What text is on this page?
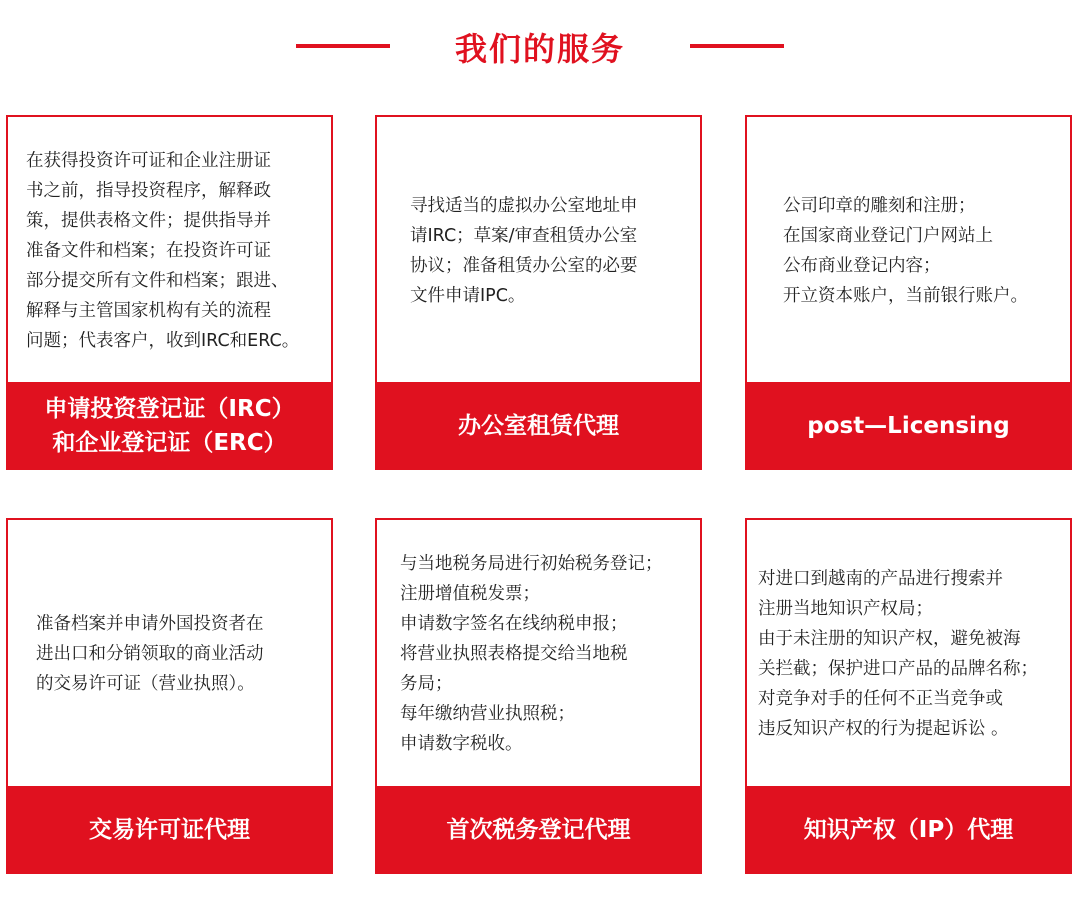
我们的服务
在获得投资许可证和企业注册证
书之前，指导投资程序，解释政
策，提供表格文件；提供指导并
准备文件和档案；在投资许可证
部分提交所有文件和档案；跟进、
解释与主管国家机构有关的流程
问题；代表客户，收到IRC和ERC。
申请投资登记证（IRC）
和企业登记证（ERC）
寻找适当的虚拟办公室地址申
请IRC；草案/审查租赁办公室
协议；准备租赁办公室的必要
文件申请IPC。
办公室租赁代理
公司印章的雕刻和注册；
在国家商业登记门户网站上
公布商业登记内容；
开立资本账户，当前银行账户。
post—Licensing
准备档案并申请外国投资者在
进出口和分销领取的商业活动
的交易许可证（营业执照）。
交易许可证代理
与当地税务局进行初始税务登记；
注册增值税发票；
申请数字签名在线纳税申报；
将营业执照表格提交给当地税
务局；
每年缴纳营业执照税；
申请数字税收。
首次税务登记代理
对进口到越南的产品进行搜索并
注册当地知识产权局；
由于未注册的知识产权，避免被海
关拦截；保护进口产品的品牌名称；
对竞争对手的任何不正当竞争或
违反知识产权的行为提起诉讼 。
知识产权（IP）代理
